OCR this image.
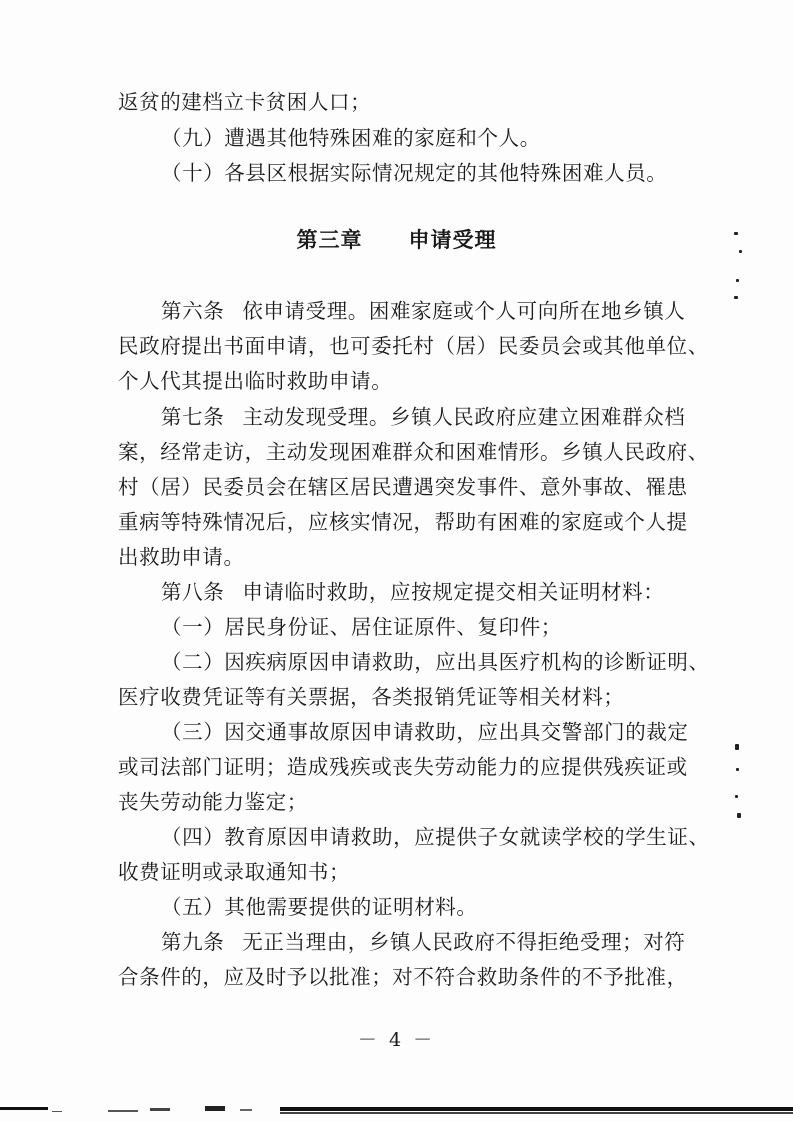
返贫的建档立卡贫困人口；
（九）遭遇其他特殊困难的家庭和个人。
（十）各县区根据实际情况规定的其他特殊困难人员。
第三章 申请受理
第六条 依申请受理。困难家庭或个人可向所在地乡镇人
民政府提出书面申请，也可委托村（居）民委员会或其他单位、
个人代其提出临时救助申请。
第七条 主动发现受理。乡镇人民政府应建立困难群众档
案，经常走访，主动发现困难群众和困难情形。乡镇人民政府、
村（居）民委员会在辖区居民遭遇突发事件、意外事故、罹患
重病等特殊情况后，应核实情况，帮助有困难的家庭或个人提
出救助申请。
第八条 申请临时救助，应按规定提交相关证明材料：
（一）居民身份证、居住证原件、复印件；
（二）因疾病原因申请救助，应出具医疗机构的诊断证明、
医疗收费凭证等有关票据，各类报销凭证等相关材料；
（三）因交通事故原因申请救助，应出具交警部门的裁定
或司法部门证明；造成残疾或丧失劳动能力的应提供残疾证或
丧失劳动能力鉴定；
（四）教育原因申请救助，应提供子女就读学校的学生证、
收费证明或录取通知书；
（五）其他需要提供的证明材料。
第九条 无正当理由，乡镇人民政府不得拒绝受理；对符
合条件的，应及时予以批准；对不符合救助条件的不予批准，
－ 4 －
